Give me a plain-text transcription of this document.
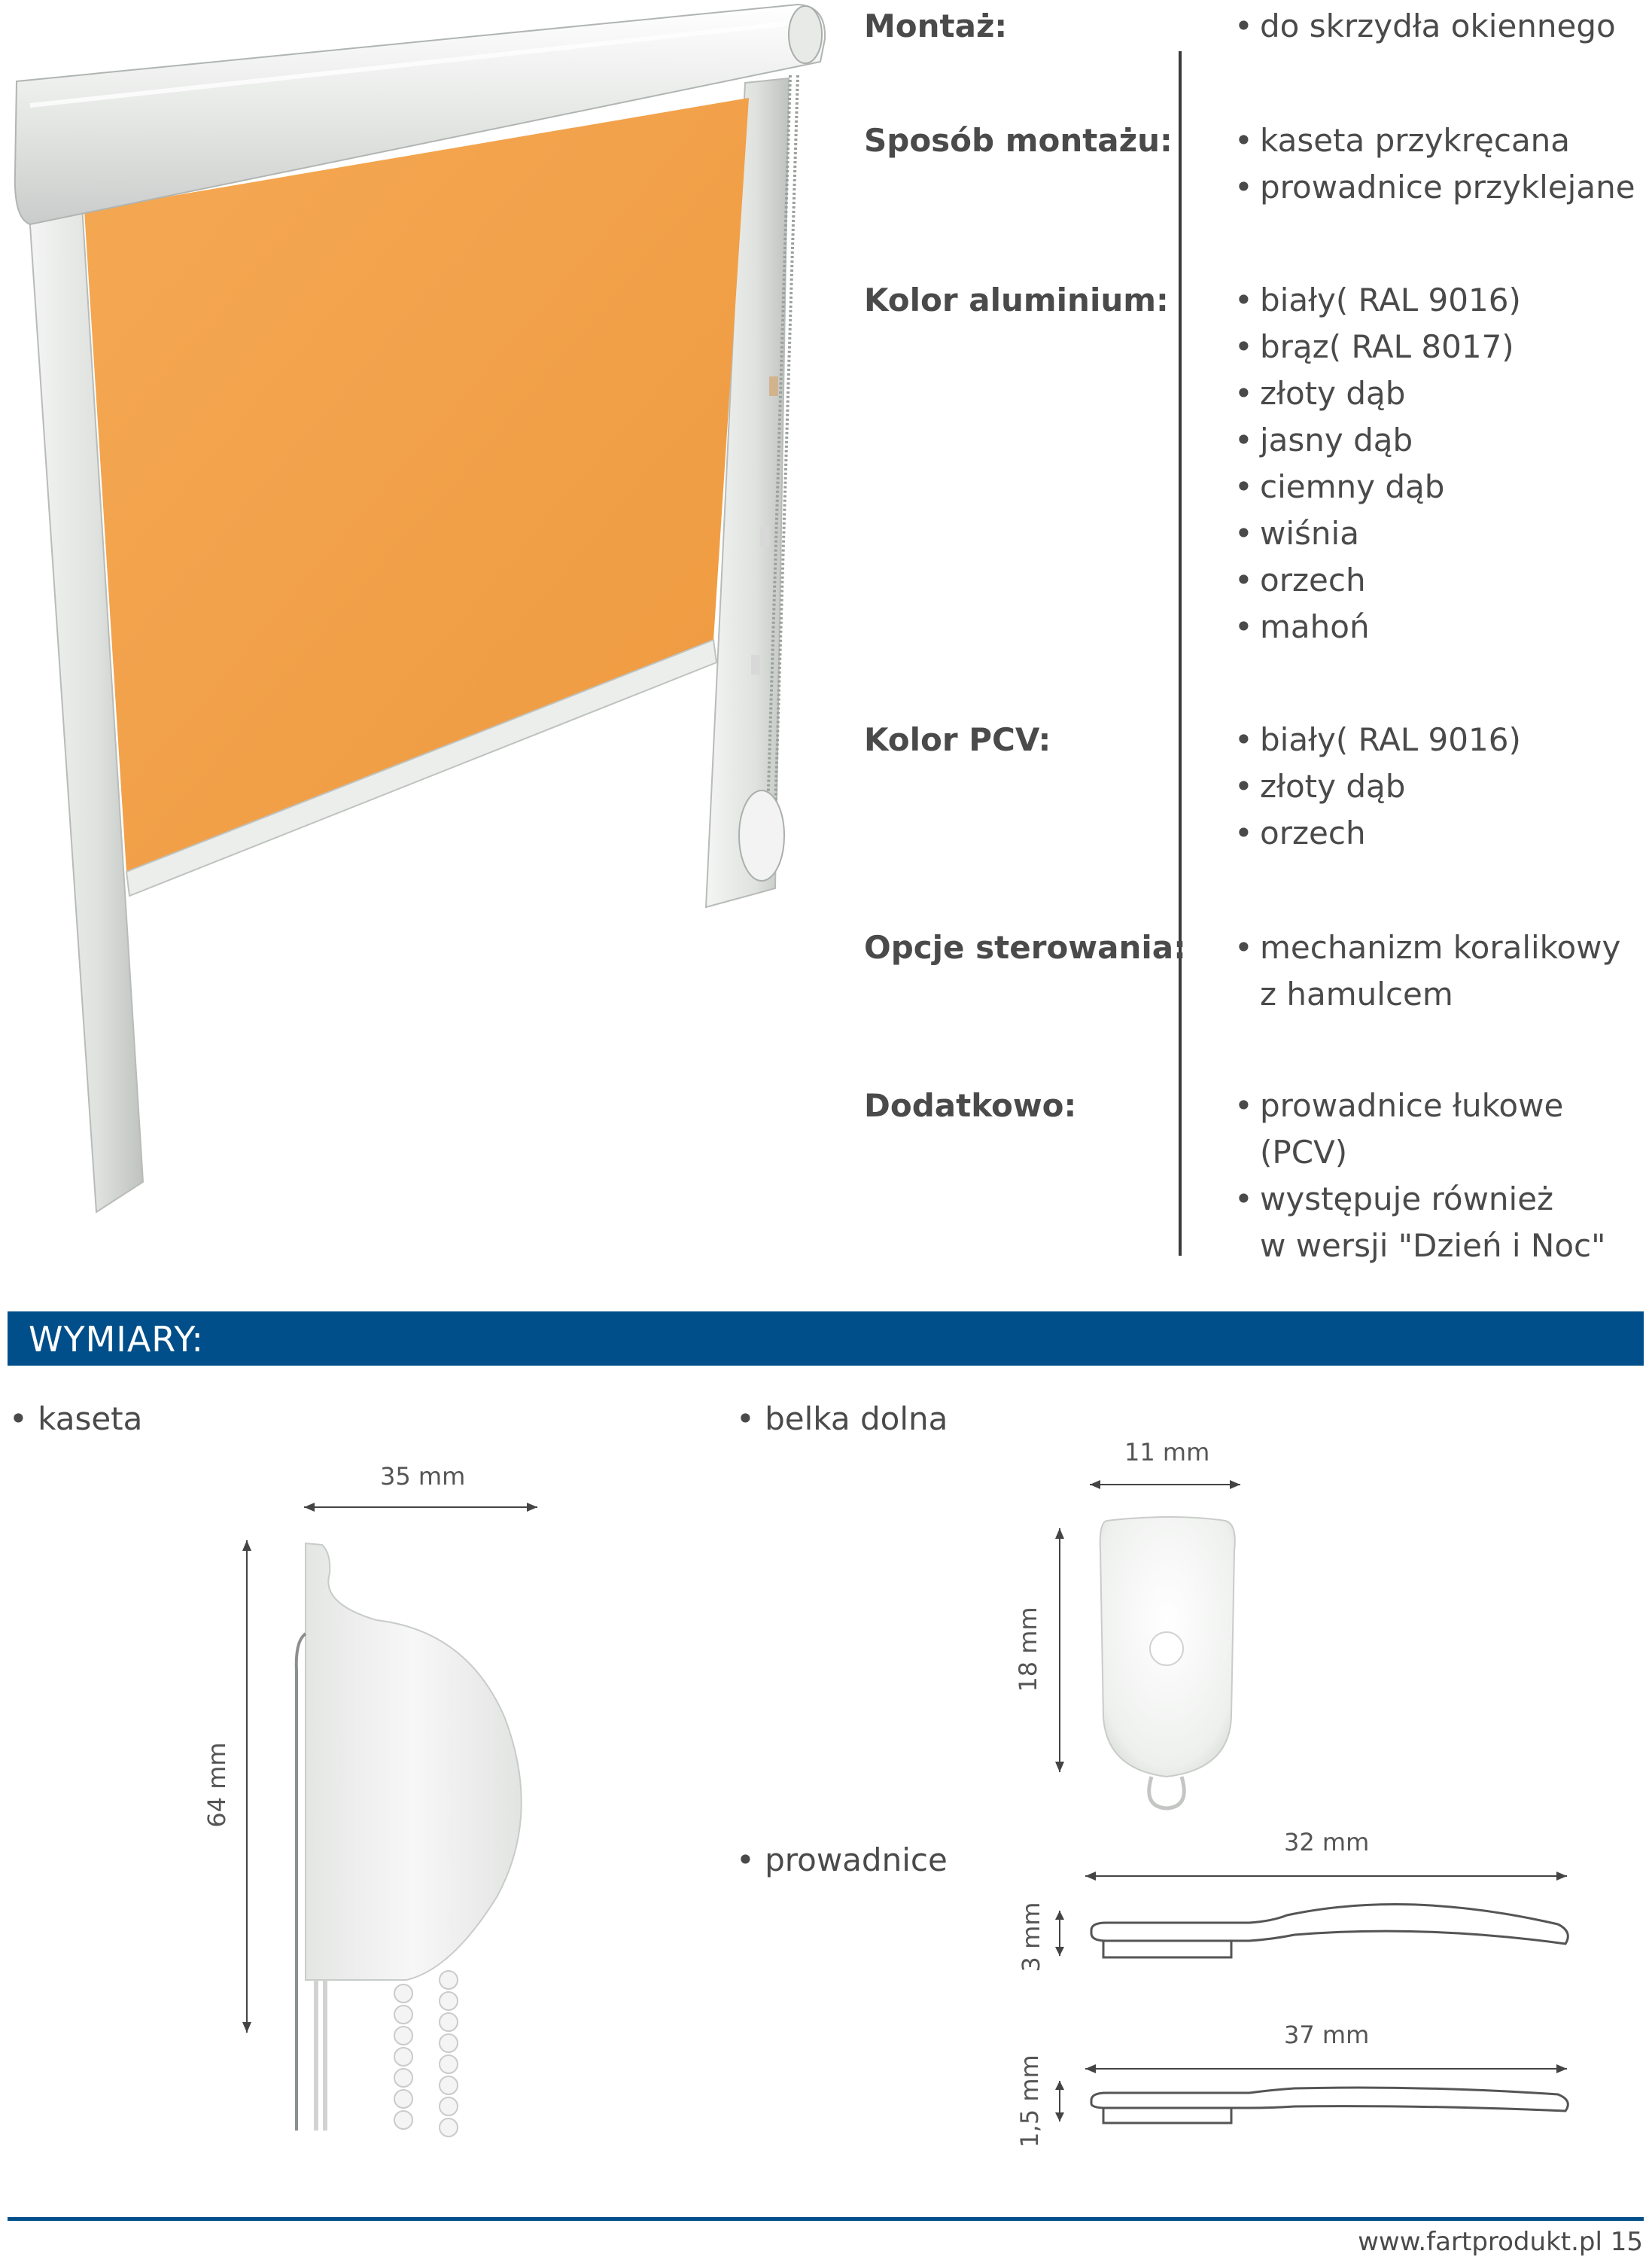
Montaż:	• do skrzydła okiennego
Sposób montażu: • kaseta przykręcana
• prowadnice przyklejane
Kolor aluminium: • biały( RAL 9016)
• brąz( RAL 8017)
• złoty dąb
• jasny dąb
• ciemny dąb
• wiśnia
• orzech
• mahoń
Kolor PCV:	• biały( RAL 9016)
• złoty dąb
• orzech
Opcje sterowania: • mechanizm koralikowy
z hamulcem
Dodatkowo:	• prowadnice łukowe
(PCV)
• występuje również
w wersji "Dzień i Noc"
WYMIARY:
• kaseta
35 mm
64 mm
• belka dolna
11 mm
18 mm
• prowadnice	32 mm
3 mm
37 mm
1,5 mm
www.fartprodukt.pl 15
